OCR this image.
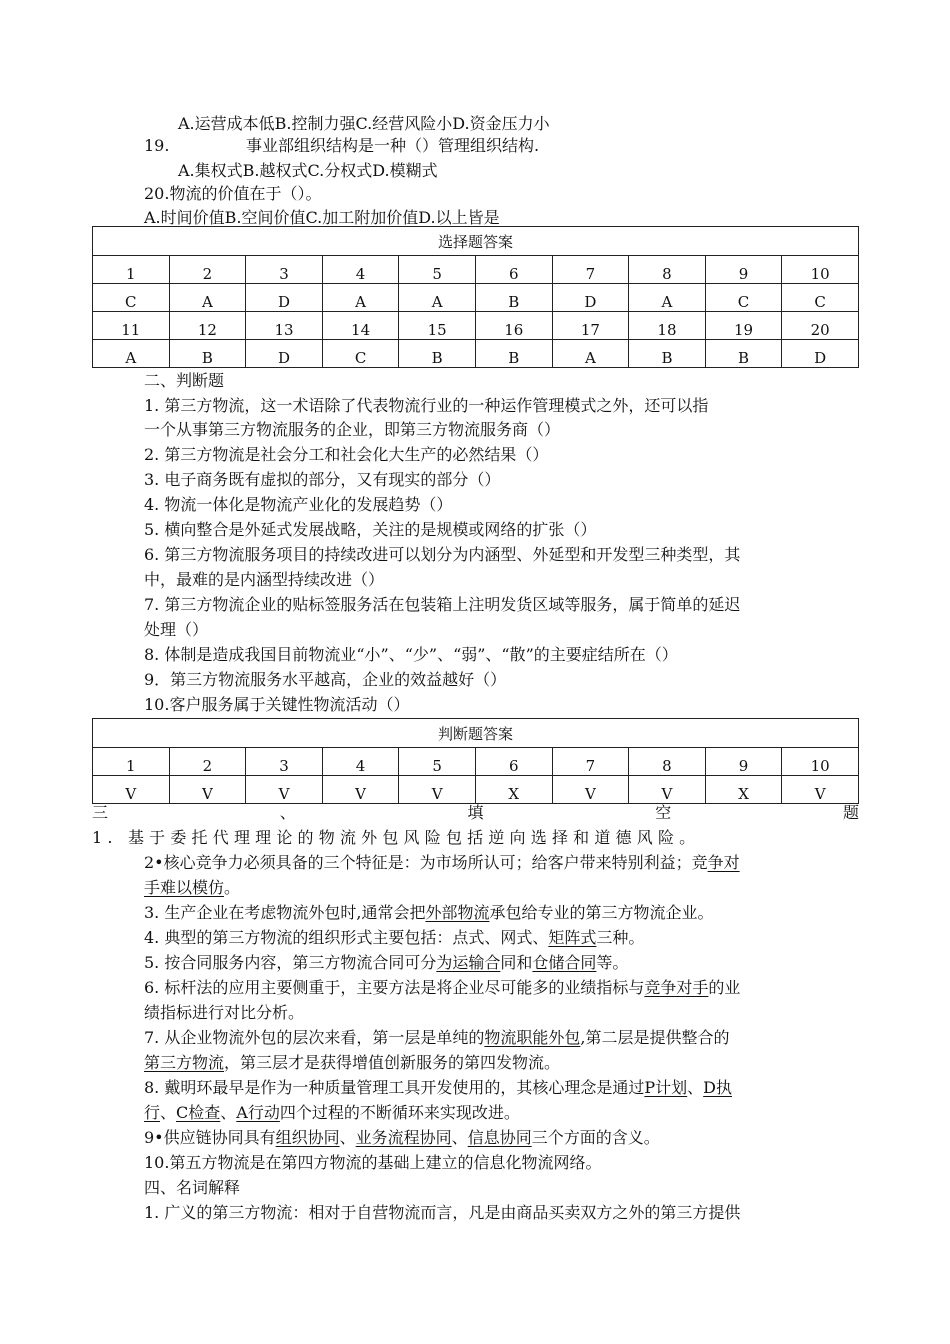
A.运营成本低B.控制力强C.经营风险小D.资金压力小
19.	事业部组织结构是一种（）管理组织结构.
A.集权式B.越权式C.分权式D.模糊式
20.物流的价值在于（）。
A.时间价值B.空间价值C.加工附加价值D.以上皆是
选择题答案									
1	2	3	4	5	6	7	8	9	10
C	A	D	A	A	B	D	A	C	C
11	12	13	14	15	16	17	18	19	20
A	B	D	C	B	B	A	B	B	D
二、判断题
1. 第三方物流，这一术语除了代表物流行业的一种运作管理模式之外，还可以指
一个从事第三方物流服务的企业，即第三方物流服务商（）
2. 第三方物流是社会分工和社会化大生产的必然结果（）
3. 电子商务既有虚拟的部分，又有现实的部分（）
4. 物流一体化是物流产业化的发展趋势（）
5. 横向整合是外延式发展战略，关注的是规模或网络的扩张（）
6. 第三方物流服务项目的持续改进可以划分为内涵型、外延型和开发型三种类型，其
中，最难的是内涵型持续改进（）
7. 第三方物流企业的贴标签服务活在包装箱上注明发货区域等服务，属于简单的延迟
处理（）
8. 体制是造成我国目前物流业“小”、“少”、“弱”、“散”的主要症结所在（）
9．第三方物流服务水平越高，企业的效益越好（）
10.客户服务属于关键性物流活动（）
判断题答案									
1	2	3	4	5	6	7	8	9	10
V	V	V	V	V	X	V	V	X	V
三	、	填	空	题
1. 基于委托代理理论的物流外包风险包括逆向选择和道德风险。
2•核心竞争力必须具备的三个特征是：为市场所认可；给客户带来特别利益；竞争对
手难以模仿。
3. 生产企业在考虑物流外包时,通常会把外部物流承包给专业的第三方物流企业。
4. 典型的第三方物流的组织形式主要包括：点式、网式、矩阵式三种。
5. 按合同服务内容，第三方物流合同可分为运输合同和仓储合同等。
6. 标杆法的应用主要侧重于，主要方法是将企业尽可能多的业绩指标与竞争对手的业
绩指标进行对比分析。
7. 从企业物流外包的层次来看，第一层是单纯的物流职能外包,第二层是提供整合的
第三方物流，第三层才是获得增值创新服务的第四发物流。
8. 戴明环最早是作为一种质量管理工具开发使用的，其核心理念是通过P计划、D执
行、C检查、A行动四个过程的不断循环来实现改进。
9•供应链协同具有组织协同、业务流程协同、信息协同三个方面的含义。
10.第五方物流是在第四方物流的基础上建立的信息化物流网络。
四、名词解释
1. 广义的第三方物流：相对于自营物流而言，凡是由商品买卖双方之外的第三方提供
